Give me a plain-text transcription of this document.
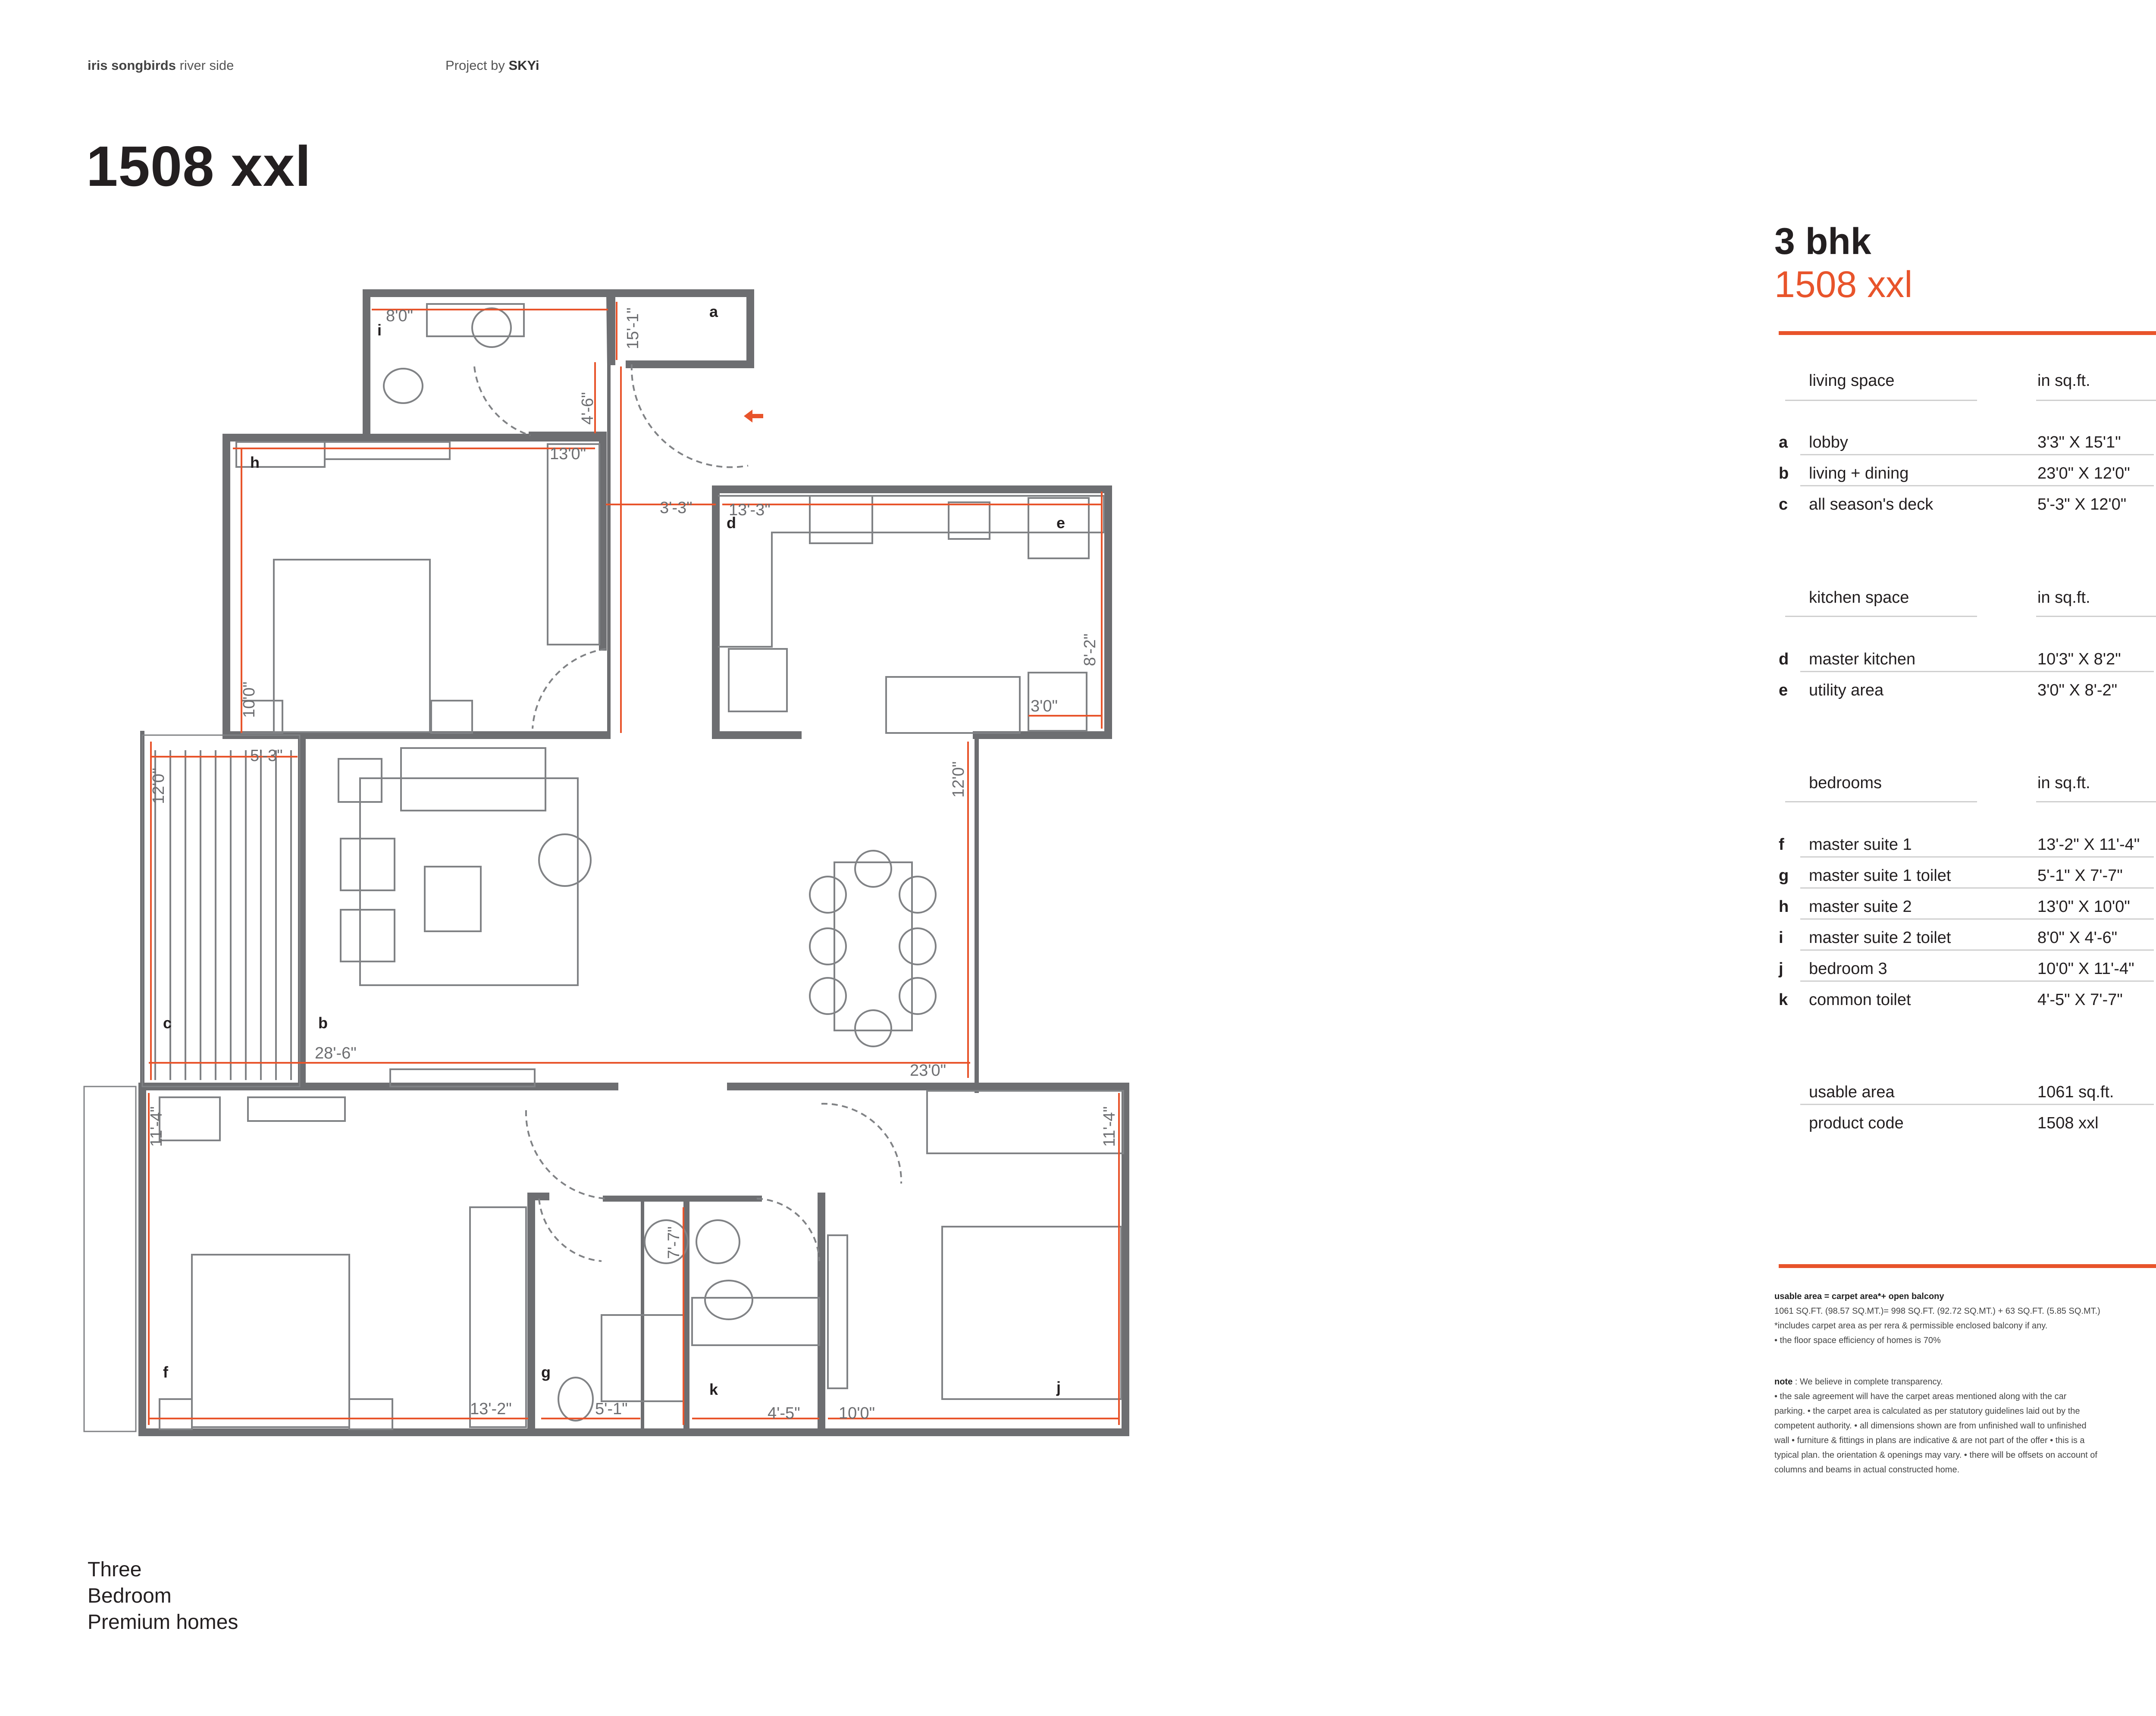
iris songbirds river side	Project by SKYi
1508 xxl
a
b
c
d	e
f	g
h
i
j
k
8'0"	15'-1"
4'-6"
13'0"
3'-3" 13'-3"
8'-2"
3'0"
10'0"
5'-3"
12'0"	12'0"
28'-6"
23'0"
11'-4"	11'-4"
7'-7"
13'-2"	5'-1"	4'-5" 10'0"
Three
Bedroom
Premium homes
3 bhk
1508 xxl
living space	in sq.ft.
a lobby	3'3" X 15'1"
b living + dining	23'0" X 12'0"
c all season's deck	5'-3" X 12'0"
kitchen space	in sq.ft.
d master kitchen	10'3" X 8'2"
e utility area	3'0" X 8'-2"
bedrooms	in sq.ft.
f master suite 1	13'-2" X 11'-4"
g master suite 1 toilet	5'-1" X 7'-7"
h master suite 2	13'0" X 10'0"
i master suite 2 toilet	8'0" X 4'-6"
j bedroom 3	10'0" X 11'-4"
k common toilet	4'-5" X 7'-7"
usable area	1061 sq.ft.
product code	1508 xxl
usable area = carpet area*+ open balcony
1061 SQ.FT. (98.57 SQ.MT.)= 998 SQ.FT. (92.72 SQ.MT.) + 63 SQ.FT. (5.85 SQ.MT.)
*includes carpet area as per rera & permissible enclosed balcony if any.
• the floor space efficiency of homes is 70%
note : We believe in complete transparency.
• the sale agreement will have the carpet areas mentioned along with the car
parking. • the carpet area is calculated as per statutory guidelines laid out by the
competent authority. • all dimensions shown are from unfinished wall to unfinished
wall • furniture & fittings in plans are indicative & are not part of the offer • this is a
typical plan. the orientation & openings may vary. • there will be offsets on account of
columns and beams in actual constructed home.
